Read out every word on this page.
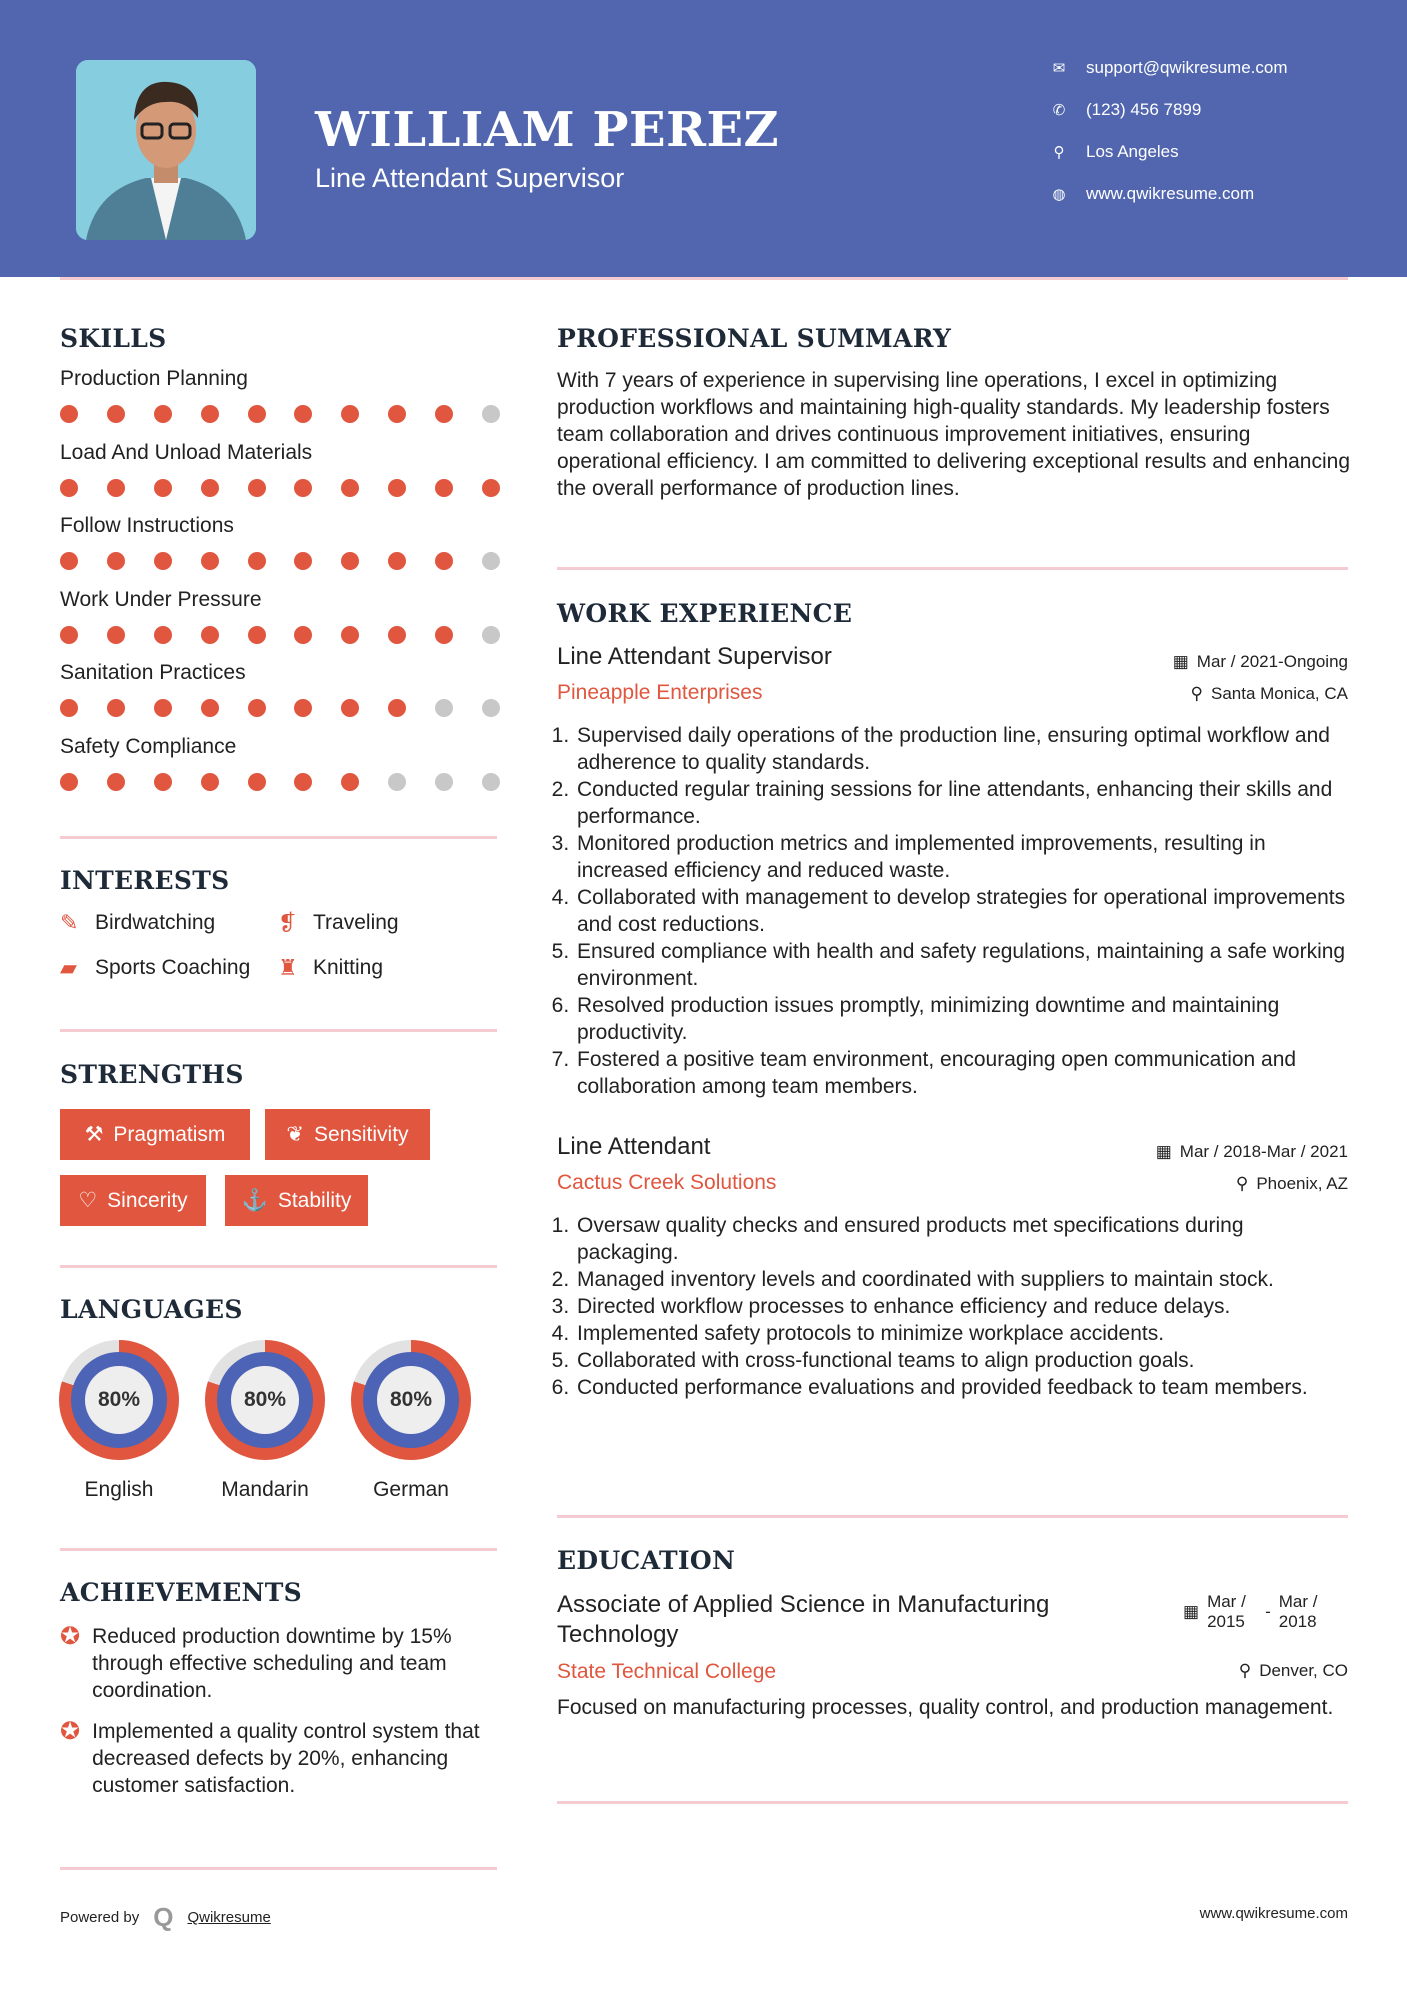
WILLIAM PEREZ
Line Attendant Supervisor
✉ support@qwikresume.com
✆ (123) 456 7899
⚲ Los Angeles
◍ www.qwikresume.com
SKILLS
Production Planning
Load And Unload Materials
Follow Instructions
Work Under Pressure
Sanitation Practices
Safety Compliance
INTERESTS
✎ Birdwatching	❡ Traveling
▰ Sports Coaching ♜ Knitting
STRENGTHS
⚒ Pragmatism	❦ Sensitivity
♡ Sincerity	⚓ Stability
LANGUAGES
80%
English
80%
Mandarin
80%
German
ACHIEVEMENTS
✪ Reduced production downtime by 15% through effective scheduling and team coordination.
✪ Implemented a quality control system that decreased defects by 20%, enhancing customer satisfaction.
PROFESSIONAL SUMMARY
With 7 years of experience in supervising line operations, I excel in optimizing production workflows and maintaining high-quality standards. My leadership fosters team collaboration and drives continuous improvement initiatives, ensuring operational efficiency. I am committed to delivering exceptional results and enhancing the overall performance of production lines.
WORK EXPERIENCE
Line Attendant Supervisor	▦ Mar / 2021-Ongoing
Pineapple Enterprises	⚲ Santa Monica, CA
1. Supervised daily operations of the production line, ensuring optimal workflow and adherence to quality standards.
2. Conducted regular training sessions for line attendants, enhancing their skills and performance.
3. Monitored production metrics and implemented improvements, resulting in increased efficiency and reduced waste.
4. Collaborated with management to develop strategies for operational improvements and cost reductions.
5. Ensured compliance with health and safety regulations, maintaining a safe working environment.
6. Resolved production issues promptly, minimizing downtime and maintaining productivity.
7. Fostered a positive team environment, encouraging open communication and collaboration among team members.
Line Attendant	▦ Mar / 2018-Mar / 2021
Cactus Creek Solutions	⚲ Phoenix, AZ
1. Oversaw quality checks and ensured products met specifications during packaging.
2. Managed inventory levels and coordinated with suppliers to maintain stock.
3. Directed workflow processes to enhance efficiency and reduce delays.
4. Implemented safety protocols to minimize workplace accidents.
5. Collaborated with cross-functional teams to align production goals.
6. Conducted performance evaluations and provided feedback to team members.
EDUCATION
Associate of Applied Science in Manufacturing Technology
▦
Mar / 2015
-
Mar / 2018
State Technical College	⚲ Denver, CO
Focused on manufacturing processes, quality control, and production management.
Powered by Q Qwikresume	www.qwikresume.com
